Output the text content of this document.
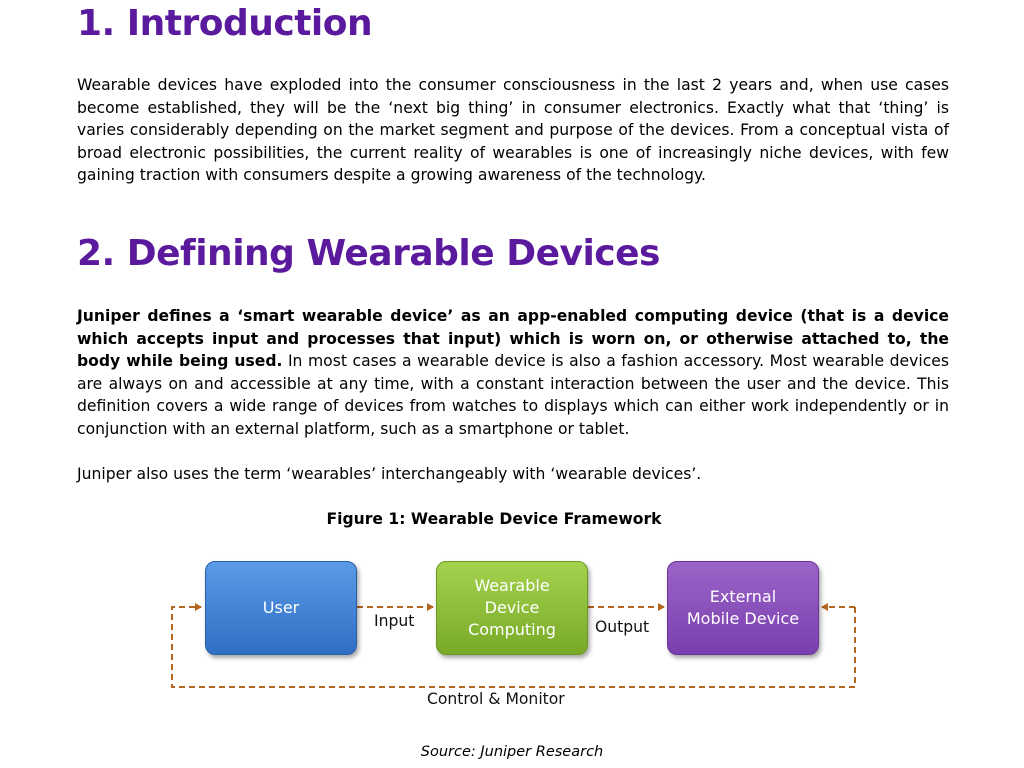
1. Introduction

Wearable devices have exploded into the consumer consciousness in the last 2 years and, when use cases become established, they will be the ‘next big thing’ in consumer electronics. Exactly what that ‘thing’ is varies considerably depending on the market segment and purpose of the devices. From a conceptual vista of broad electronic possibilities, the current reality of wearables is one of increasingly niche devices, with few gaining traction with consumers despite a growing awareness of the technology.

2. Defining Wearable Devices

Juniper defines a ‘smart wearable device’ as an app-enabled computing device (that is a device which accepts input and processes that input) which is worn on, or otherwise attached to, the body while being used. In most cases a wearable device is also a fashion accessory. Most wearable devices are always on and accessible at any time, with a constant interaction between the user and the device. This definition covers a wide range of devices from watches to displays which can either work independently or in conjunction with an external platform, such as a smartphone or tablet.

Juniper also uses the term ‘wearables’ interchangeably with ‘wearable devices’.

Figure 1: Wearable Device Framework
User
Wearable
Device
Computing
External
Mobile Device
Input	Output
Control & Monitor
Source: Juniper Research
